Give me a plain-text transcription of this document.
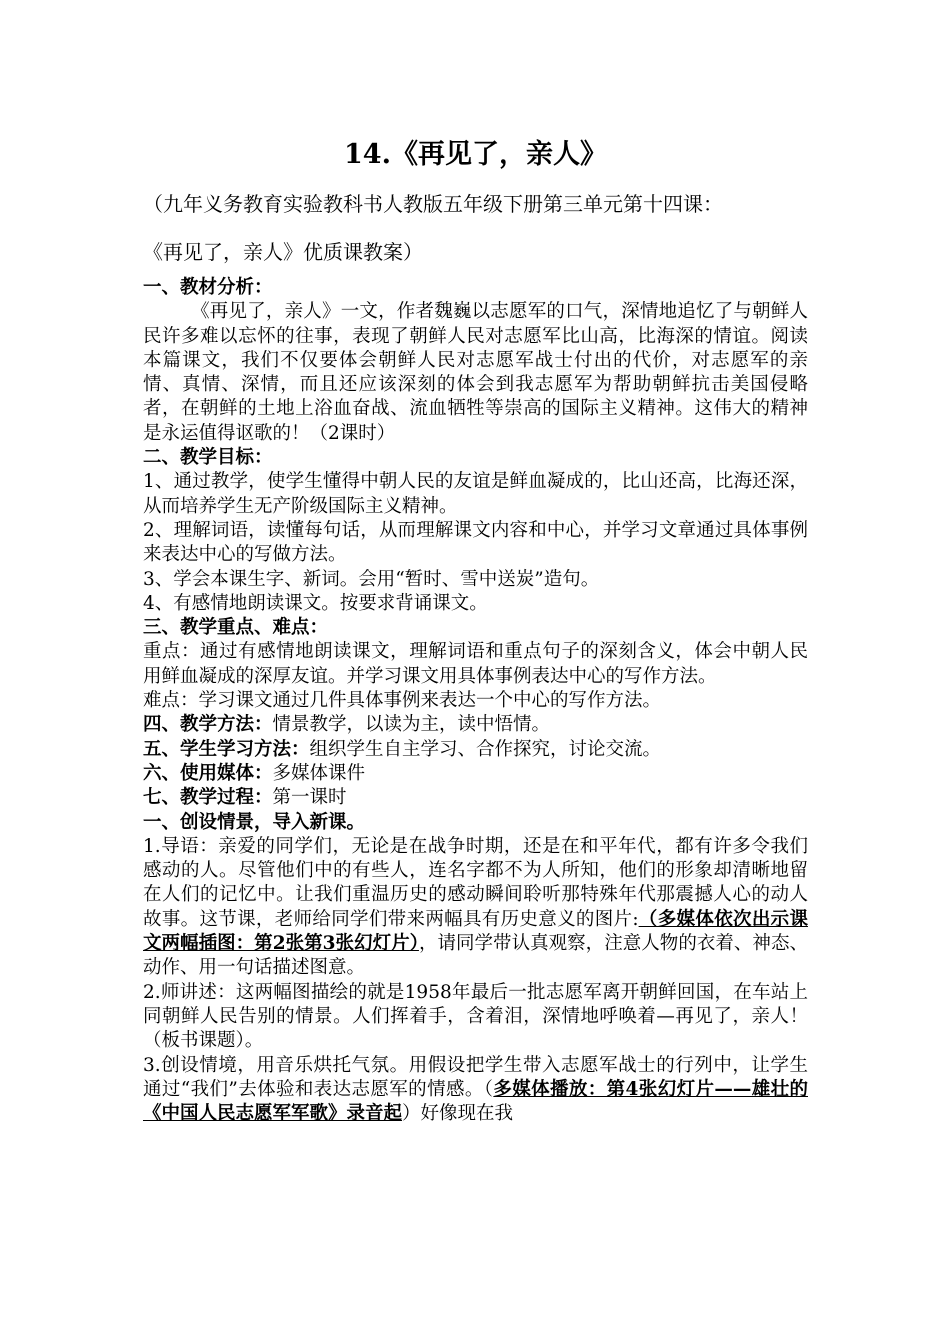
14.《再见了，亲人》
（九年义务教育实验教科书人教版五年级下册第三单元第十四课：
《再见了，亲人》优质课教案）

一、教材分析：

《再见了，亲人》一文，作者魏巍以志愿军的口气，深情地追忆了与朝鲜人民许多难以忘怀的往事，表现了朝鲜人民对志愿军比山高，比海深的情谊。阅读本篇课文，我们不仅要体会朝鲜人民对志愿军战士付出的代价，对志愿军的亲情、真情、深情，而且还应该深刻的体会到我志愿军为帮助朝鲜抗击美国侵略者，在朝鲜的土地上浴血奋战、流血牺牲等崇高的国际主义精神。这伟大的精神是永运值得讴歌的！（2课时）

二、教学目标：

1、通过教学，使学生懂得中朝人民的友谊是鲜血凝成的，比山还高，比海还深，从而培养学生无产阶级国际主义精神。

2、理解词语，读懂每句话，从而理解课文内容和中心，并学习文章通过具体事例来表达中心的写做方法。

3、学会本课生字、新词。会用“暂时、雪中送炭”造句。

4、有感情地朗读课文。按要求背诵课文。

三、教学重点、难点：

重点：通过有感情地朗读课文，理解词语和重点句子的深刻含义，体会中朝人民用鲜血凝成的深厚友谊。并学习课文用具体事例表达中心的写作方法。

难点：学习课文通过几件具体事例来表达一个中心的写作方法。

四、教学方法：情景教学，以读为主，读中悟情。

五、学生学习方法：组织学生自主学习、合作探究，讨论交流。

六、使用媒体：多媒体课件

七、教学过程：第一课时

一、创设情景，导入新课。

1.导语：亲爱的同学们，无论是在战争时期，还是在和平年代，都有许多令我们感动的人。尽管他们中的有些人，连名字都不为人所知，他们的形象却清晰地留在人们的记忆中。让我们重温历史的感动瞬间聆听那特殊年代那震撼人心的动人故事。这节课，老师给同学们带来两幅具有历史意义的图片:（多媒体依次出示课文两幅插图：第2张第3张幻灯片），请同学带认真观察，注意人物的衣着、神态、动作、用一句话描述图意。

2.师讲述：这两幅图描绘的就是1958年最后一批志愿军离开朝鲜回国，在车站上同朝鲜人民告别的情景。人们挥着手，含着泪，深情地呼唤着—再见了，亲人！（板书课题）。

3.创设情境，用音乐烘托气氛。用假设把学生带入志愿军战士的行列中，让学生通过“我们”去体验和表达志愿军的情感。（多媒体播放：第4张幻灯片——雄壮的《中国人民志愿军军歌》录音起）好像现在我
